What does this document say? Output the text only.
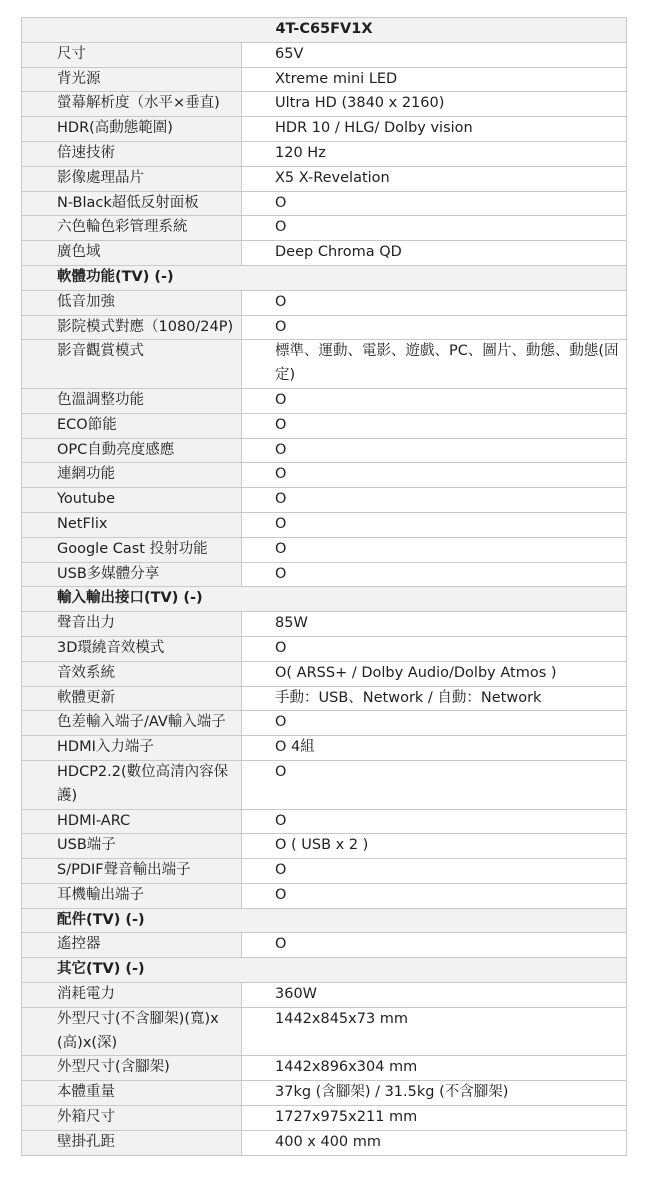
4T-C65FV1X	
尺寸	65V
背光源	Xtreme mini LED
螢幕解析度（水平×垂直)	Ultra HD (3840 x 2160)
HDR(高動態範圍)	HDR 10 / HLG/ Dolby vision
倍速技術	120 Hz
影像處理晶片	X5 X-Revelation
N-Black超低反射面板	O
六色輪色彩管理系統	O
廣色域	Deep Chroma QD
軟體功能(TV) (-)	
低音加強	O
影院模式對應（1080/24P)	O
影音觀賞模式	標準、運動、電影、遊戲、PC、圖片、動態、動態(固定)
色溫調整功能	O
ECO節能	O
OPC自動亮度感應	O
連網功能	O
Youtube	O
NetFlix	O
Google Cast 投射功能	O
USB多媒體分享	O
輸入輸出接口(TV) (-)	
聲音出力	85W
3D環繞音效模式	O
音效系統	O( ARSS+ / Dolby Audio/Dolby Atmos )
軟體更新	手動：USB、Network / 自動：Network
色差輸入端子/AV輸入端子	O
HDMI入力端子	O 4組
HDCP2.2(數位高清內容保護)	O
HDMI-ARC	O
USB端子	O ( USB x 2 )
S/PDIF聲音輸出端子	O
耳機輸出端子	O
配件(TV) (-)	
遙控器	O
其它(TV) (-)	
消耗電力	360W
外型尺寸(不含腳架)(寬)x(高)x(深)	1442x845x73 mm
外型尺寸(含腳架)	1442x896x304 mm
本體重量	37kg (含腳架) / 31.5kg (不含腳架)
外箱尺寸	1727x975x211 mm
壁掛孔距	400 x 400 mm
